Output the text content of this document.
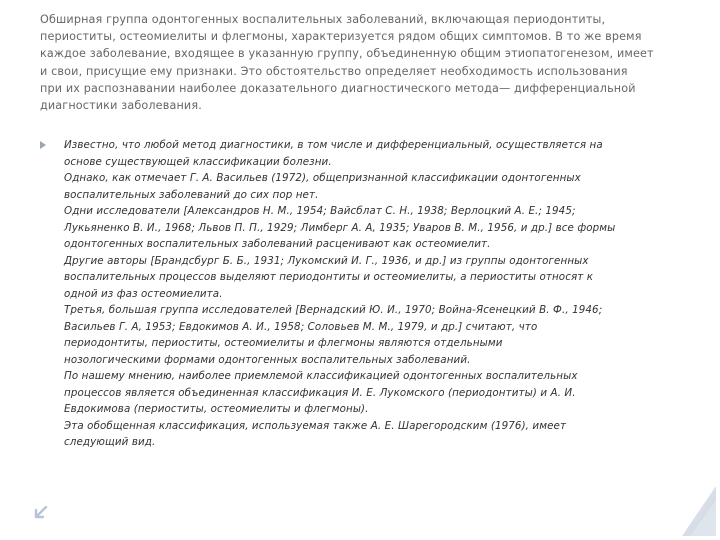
Обширная группа одонтогенных воспалительных заболеваний, включающая периодонтиты,
периоститы, остеомиелиты и флегмоны, характеризуется рядом общих симптомов. В то же время
каждое заболевание, входящее в указанную группу, объединенную общим этиопатогенезом, имеет
и свои, присущие ему признаки. Это обстоятельство определяет необходимость использования
при их распознавании наиболее доказательного диагностического метода— дифференциальной
диагностики заболевания.

Известно, что любой метод диагностики, в том числе и дифференциальный, осуществляется на
основе существующей классификации болезни.
Однако, как отмечает Г. А. Васильев (1972), общепризнанной классификации одонтогенных
воспалительных заболеваний до сих пор нет.
Одни исследователи [Александров Н. М., 1954; Вайсблат С. Н., 1938; Верлоцкий А. Е.; 1945;
Лукьяненко В. И., 1968; Львов П. П., 1929; Лимберг А. А, 1935; Уваров В. М., 1956, и др.] все формы
одонтогенных воспалительных заболеваний расценивают как остеомиелит.
Другие авторы [Брандсбург Б. Б., 1931; Лукомский И. Г., 1936, и др.] из группы одонтогенных
воспалительных процессов выделяют периодонтиты и остеомиелиты, а периоститы относят к
одной из фаз остеомиелита.
Третья, большая группа исследователей [Вернадский Ю. И., 1970; Война-Ясенецкий В. Ф., 1946;
Васильев Г. А, 1953; Евдокимов А. И., 1958; Соловьев М. М., 1979, и др.] считают, что
периодонтиты, периоститы, остеомиелиты и флегмоны являются отдельными
нозологическими формами одонтогенных воспалительных заболеваний.
По нашему мнению, наиболее приемлемой классификацией одонтогенных воспалительных
процессов является объединенная классификация И. Е. Лукомского (периодонтиты) и А. И.
Евдокимова (периоститы, остеомиелиты и флегмоны).
Эта обобщенная классификация, используемая также А. Е. Шарегородским (1976), имеет
следующий вид.
